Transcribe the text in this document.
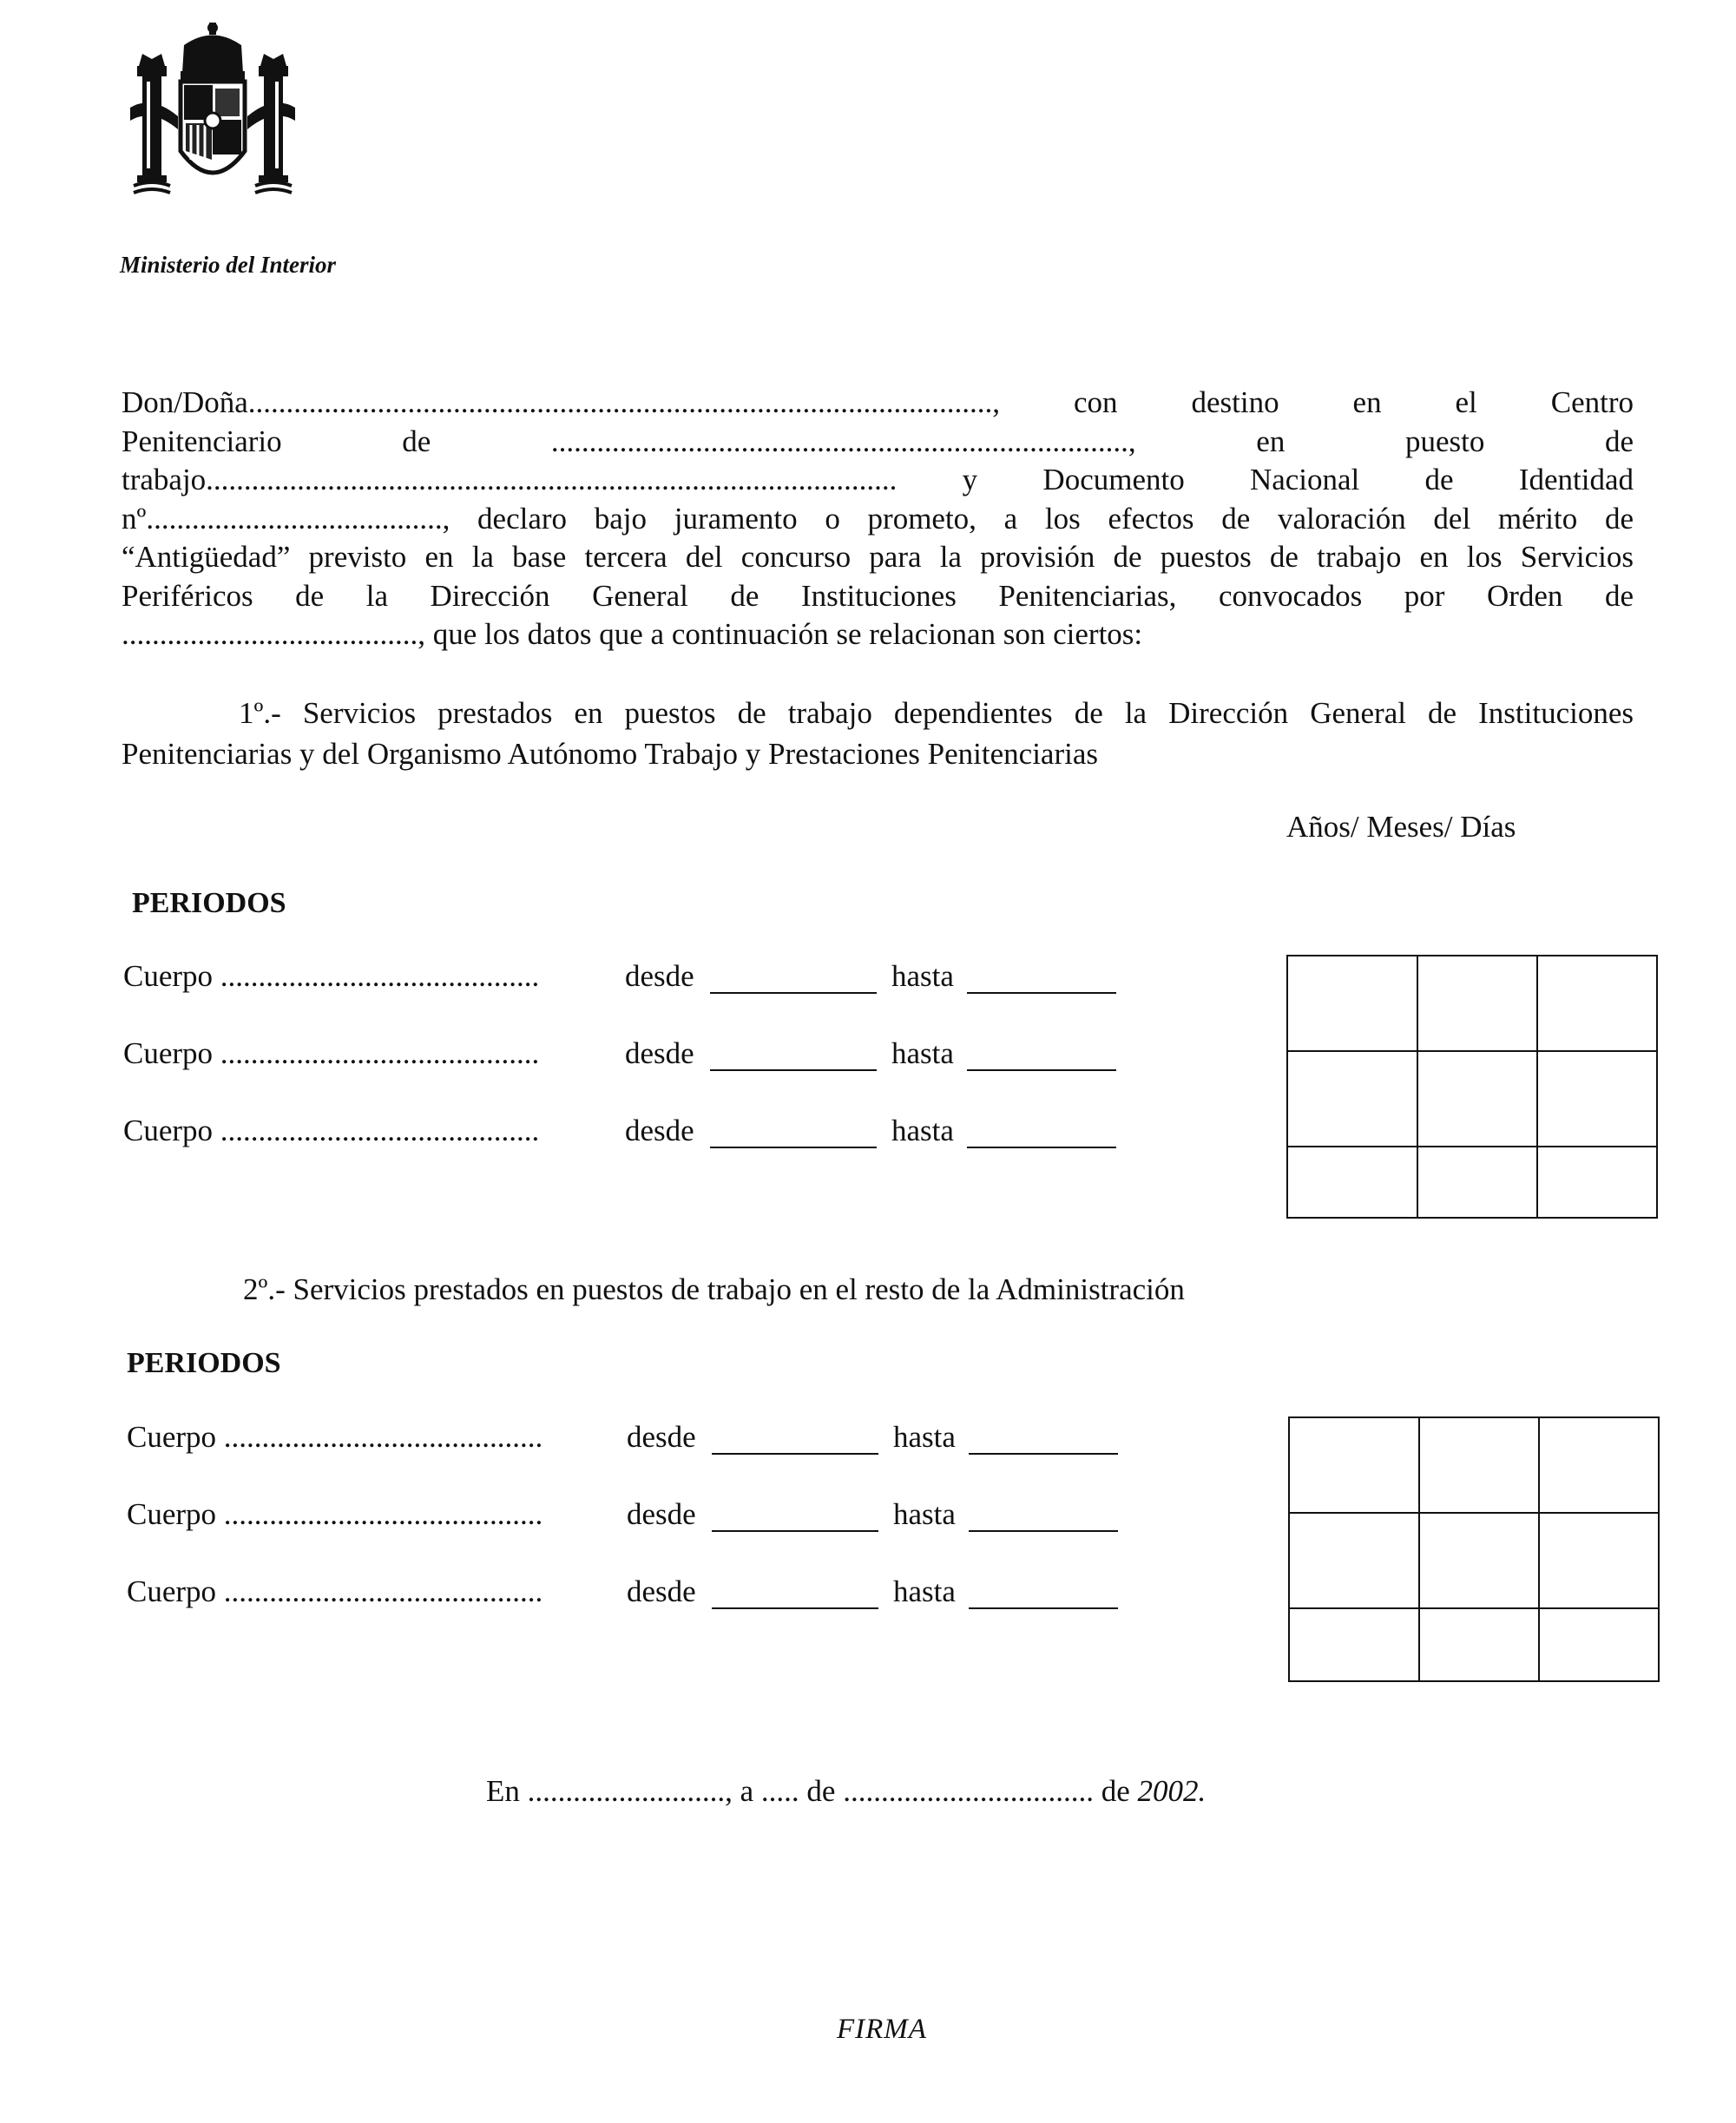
Ministerio del Interior
Don/Doña.................................................................................................., con destino en el Centro
Penitenciario de ............................................................................, en puesto de
trabajo........................................................................................... y Documento Nacional de Identidad
nº......................................., declaro bajo juramento o prometo, a los efectos de valoración del mérito de
“Antigüedad” previsto en la base tercera del concurso para la provisión de puestos de trabajo en los Servicios
Periféricos de la Dirección General de Instituciones Penitenciarias, convocados por Orden de
......................................., que los datos que a continuación se relacionan son ciertos:
1º.- Servicios prestados en puestos de trabajo dependientes de la Dirección General de Instituciones
Penitenciarias y del Organismo Autónomo Trabajo y Prestaciones Penitenciarias
Años/ Meses/ Días
PERIODOS
Cuerpo ..........................................	desde	hasta
Cuerpo ..........................................	desde	hasta
Cuerpo ..........................................	desde	hasta

2º.- Servicios prestados en puestos de trabajo en el resto de la Administración
PERIODOS
Cuerpo ..........................................	desde	hasta
Cuerpo ..........................................	desde	hasta
Cuerpo ..........................................	desde	hasta

En .........................., a ..... de ................................. de 2002.
FIRMA
